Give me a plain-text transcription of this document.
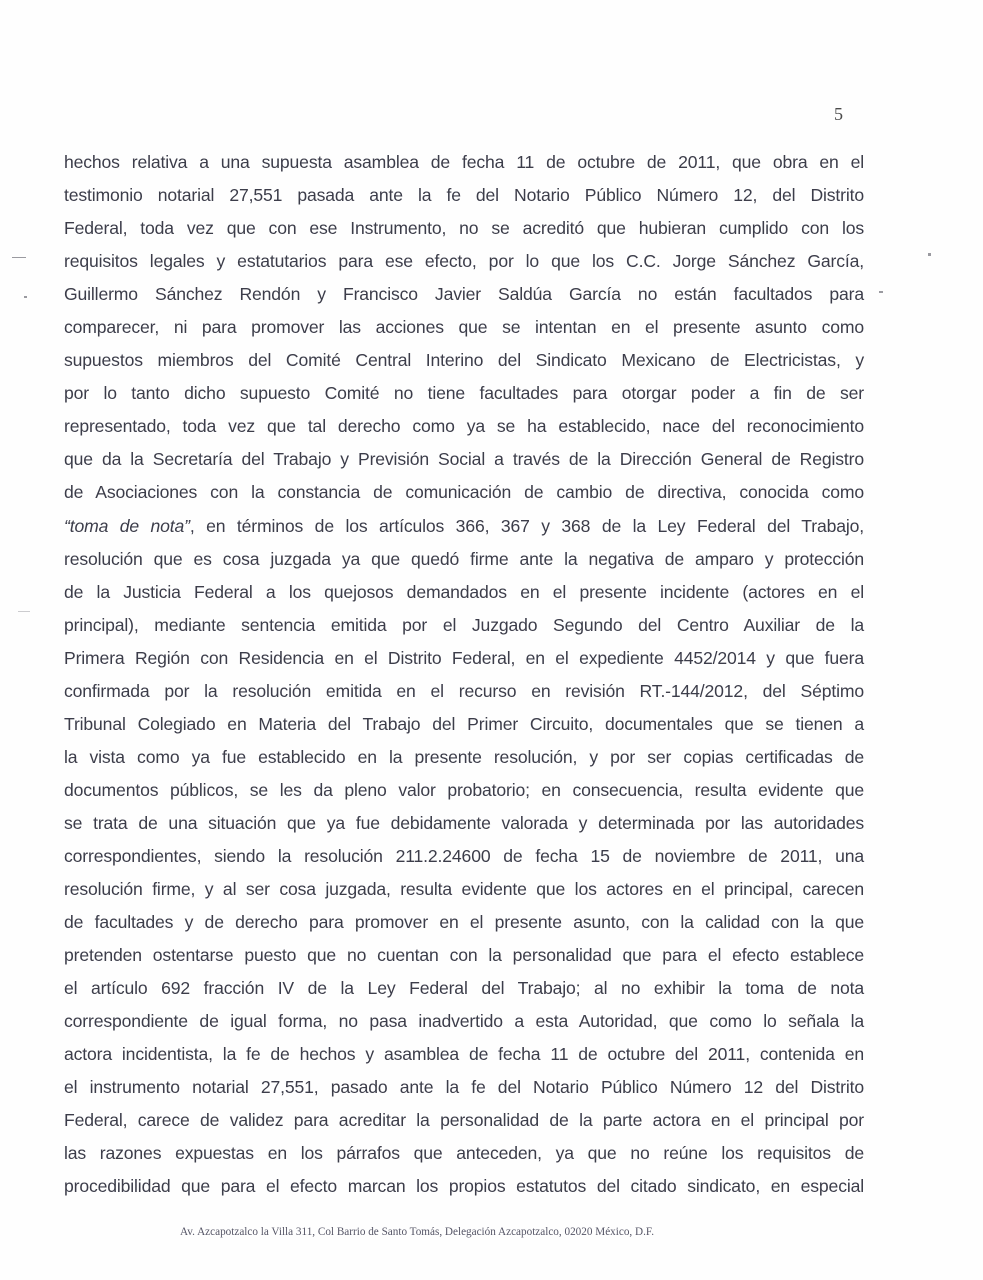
5
hechos relativa a una supuesta asamblea de fecha 11 de octubre de 2011, que obra en el
testimonio notarial 27,551 pasada ante la fe del Notario Público Número 12, del Distrito
Federal, toda vez que con ese Instrumento, no se acreditó que hubieran cumplido con los
requisitos legales y estatutarios para ese efecto, por lo que los C.C. Jorge Sánchez García,
Guillermo Sánchez Rendón y Francisco Javier Saldúa García no están facultados para
comparecer, ni para promover las acciones que se intentan en el presente asunto como
supuestos miembros del Comité Central Interino del Sindicato Mexicano de Electricistas, y
por lo tanto dicho supuesto Comité no tiene facultades para otorgar poder a fin de ser
representado, toda vez que tal derecho como ya se ha establecido, nace del reconocimiento
que da la Secretaría del Trabajo y Previsión Social a través de la Dirección General de Registro
de Asociaciones con la constancia de comunicación de cambio de directiva, conocida como
“toma de nota”, en términos de los artículos 366, 367 y 368 de la Ley Federal del Trabajo,
resolución que es cosa juzgada ya que quedó firme ante la negativa de amparo y protección
de la Justicia Federal a los quejosos demandados en el presente incidente (actores en el
principal), mediante sentencia emitida por el Juzgado Segundo del Centro Auxiliar de la
Primera Región con Residencia en el Distrito Federal, en el expediente 4452/2014 y que fuera
confirmada por la resolución emitida en el recurso en revisión RT.-144/2012, del Séptimo
Tribunal Colegiado en Materia del Trabajo del Primer Circuito, documentales que se tienen a
la vista como ya fue establecido en la presente resolución, y por ser copias certificadas de
documentos públicos, se les da pleno valor probatorio; en consecuencia, resulta evidente que
se trata de una situación que ya fue debidamente valorada y determinada por las autoridades
correspondientes, siendo la resolución 211.2.24600 de fecha 15 de noviembre de 2011, una
resolución firme, y al ser cosa juzgada, resulta evidente que los actores en el principal, carecen
de facultades y de derecho para promover en el presente asunto, con la calidad con la que
pretenden ostentarse puesto que no cuentan con la personalidad que para el efecto establece
el artículo 692 fracción IV de la Ley Federal del Trabajo; al no exhibir la toma de nota
correspondiente de igual forma, no pasa inadvertido a esta Autoridad, que como lo señala la
actora incidentista, la fe de hechos y asamblea de fecha 11 de octubre del 2011, contenida en
el instrumento notarial 27,551, pasado ante la fe del Notario Público Número 12 del Distrito
Federal, carece de validez para acreditar la personalidad de la parte actora en el principal por
las razones expuestas en los párrafos que anteceden, ya que no reúne los requisitos de
procedibilidad que para el efecto marcan los propios estatutos del citado sindicato, en especial
Av. Azcapotzalco la Villa 311, Col Barrio de Santo Tomás, Delegación Azcapotzalco, 02020 México, D.F.
